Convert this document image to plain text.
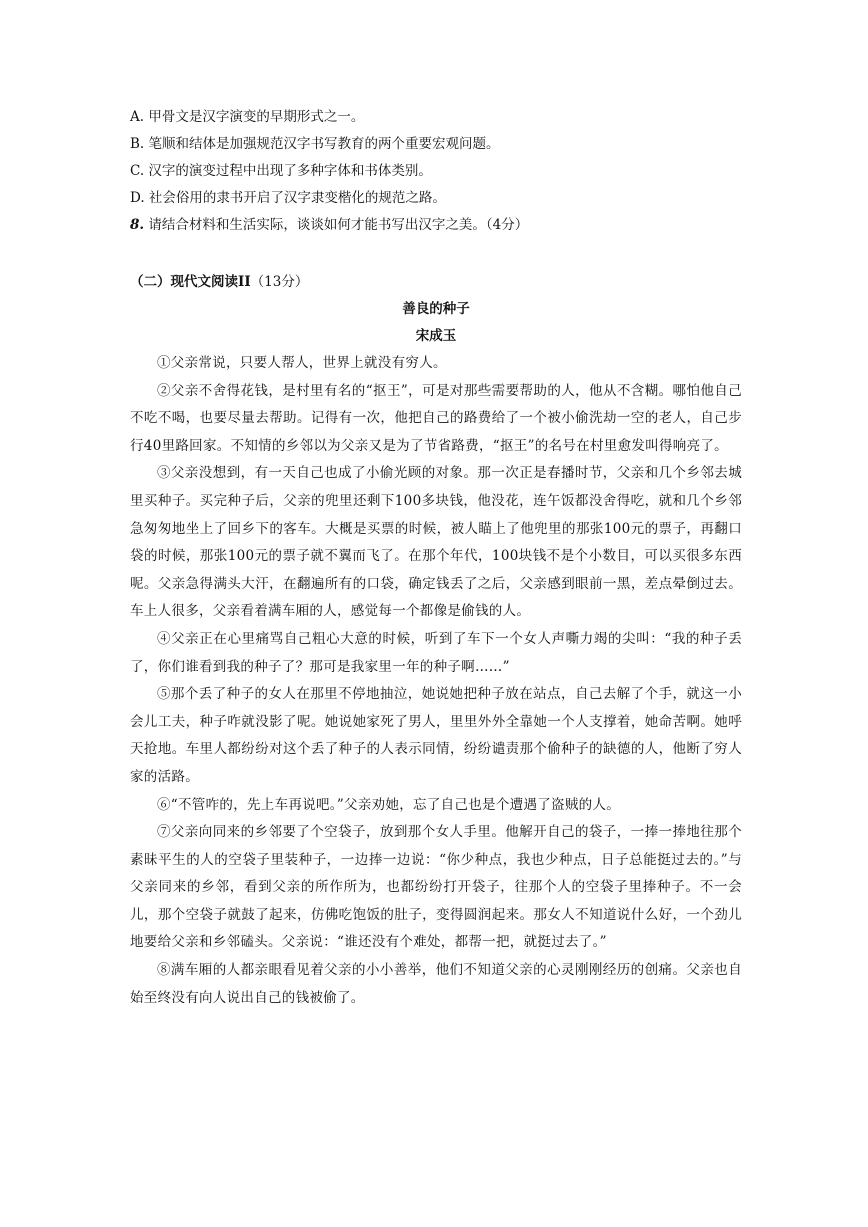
A. 甲骨文是汉字演变的早期形式之一。

B. 笔顺和结体是加强规范汉字书写教育的两个重要宏观问题。

C. 汉字的演变过程中出现了多种字体和书体类别。

D. 社会俗用的隶书开启了汉字隶变楷化的规范之路。

8. 请结合材料和生活实际，谈谈如何才能书写出汉字之美。（4分）
（二）现代文阅读II（13分）
善良的种子
宋成玉

①父亲常说，只要人帮人，世界上就没有穷人。

②父亲不舍得花钱，是村里有名的“抠王”，可是对那些需要帮助的人，他从不含糊。哪怕他自己不吃不喝，也要尽量去帮助。记得有一次，他把自己的路费给了一个被小偷洗劫一空的老人，自己步行40里路回家。不知情的乡邻以为父亲又是为了节省路费，“抠王”的名号在村里愈发叫得响亮了。

③父亲没想到，有一天自己也成了小偷光顾的对象。那一次正是春播时节，父亲和几个乡邻去城里买种子。买完种子后，父亲的兜里还剩下100多块钱，他没花，连午饭都没舍得吃，就和几个乡邻急匆匆地坐上了回乡下的客车。大概是买票的时候，被人瞄上了他兜里的那张100元的票子，再翻口袋的时候，那张100元的票子就不翼而飞了。在那个年代，100块钱不是个小数目，可以买很多东西呢。父亲急得满头大汗，在翻遍所有的口袋，确定钱丢了之后，父亲感到眼前一黑，差点晕倒过去。车上人很多，父亲看着满车厢的人，感觉每一个都像是偷钱的人。

④父亲正在心里痛骂自己粗心大意的时候，听到了车下一个女人声嘶力竭的尖叫：“我的种子丢了，你们谁看到我的种子了？那可是我家里一年的种子啊……”

⑤那个丢了种子的女人在那里不停地抽泣，她说她把种子放在站点，自己去解了个手，就这一小会儿工夫，种子咋就没影了呢。她说她家死了男人，里里外外全靠她一个人支撑着，她命苦啊。她呼天抢地。车里人都纷纷对这个丢了种子的人表示同情，纷纷谴责那个偷种子的缺德的人，他断了穷人家的活路。

⑥“不管咋的，先上车再说吧。”父亲劝她，忘了自己也是个遭遇了盗贼的人。

⑦父亲向同来的乡邻要了个空袋子，放到那个女人手里。他解开自己的袋子，一捧一捧地往那个素昧平生的人的空袋子里装种子，一边捧一边说：“你少种点，我也少种点，日子总能挺过去的。”与父亲同来的乡邻，看到父亲的所作所为，也都纷纷打开袋子，往那个人的空袋子里捧种子。不一会儿，那个空袋子就鼓了起来，仿佛吃饱饭的肚子，变得圆润起来。那女人不知道说什么好，一个劲儿地要给父亲和乡邻磕头。父亲说：“谁还没有个难处，都帮一把，就挺过去了。”

⑧满车厢的人都亲眼看见着父亲的小小善举，他们不知道父亲的心灵刚刚经历的创痛。父亲也自始至终没有向人说出自己的钱被偷了。
